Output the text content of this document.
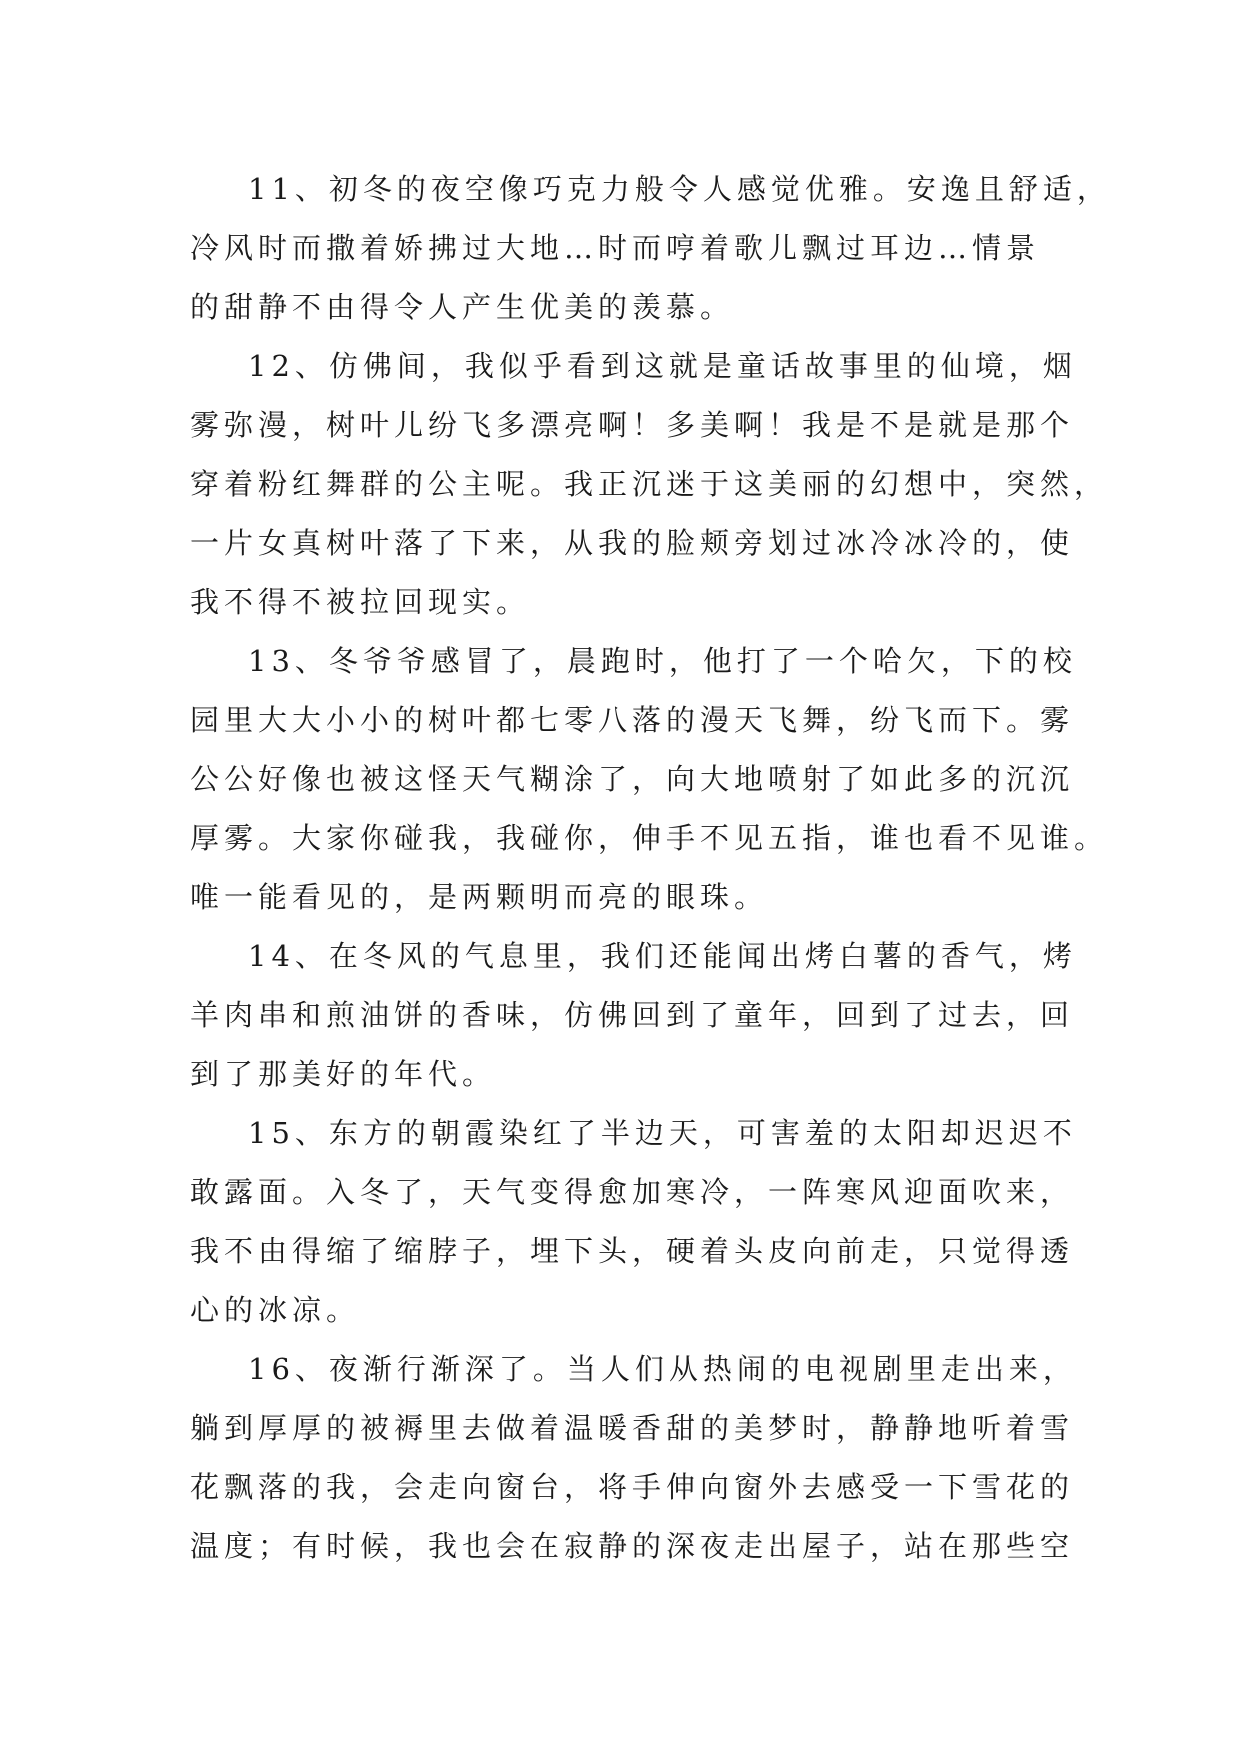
11、初冬的夜空像巧克力般令人感觉优雅。安逸且舒适，
冷风时而撒着娇拂过大地…时而哼着歌儿飘过耳边…情景
的甜静不由得令人产生优美的羡慕。

12、仿佛间，我似乎看到这就是童话故事里的仙境，烟
雾弥漫，树叶儿纷飞多漂亮啊！多美啊！我是不是就是那个
穿着粉红舞群的公主呢。我正沉迷于这美丽的幻想中，突然，
一片女真树叶落了下来，从我的脸颊旁划过冰冷冰冷的，使
我不得不被拉回现实。

13、冬爷爷感冒了，晨跑时，他打了一个哈欠，下的校
园里大大小小的树叶都七零八落的漫天飞舞，纷飞而下。雾
公公好像也被这怪天气糊涂了，向大地喷射了如此多的沉沉
厚雾。大家你碰我，我碰你，伸手不见五指，谁也看不见谁。
唯一能看见的，是两颗明而亮的眼珠。

14、在冬风的气息里，我们还能闻出烤白薯的香气，烤
羊肉串和煎油饼的香味，仿佛回到了童年，回到了过去，回
到了那美好的年代。

15、东方的朝霞染红了半边天，可害羞的太阳却迟迟不
敢露面。入冬了，天气变得愈加寒冷，一阵寒风迎面吹来，
我不由得缩了缩脖子，埋下头，硬着头皮向前走，只觉得透
心的冰凉。

16、夜渐行渐深了。当人们从热闹的电视剧里走出来，
躺到厚厚的被褥里去做着温暖香甜的美梦时，静静地听着雪
花飘落的我，会走向窗台，将手伸向窗外去感受一下雪花的
温度；有时候，我也会在寂静的深夜走出屋子，站在那些空
